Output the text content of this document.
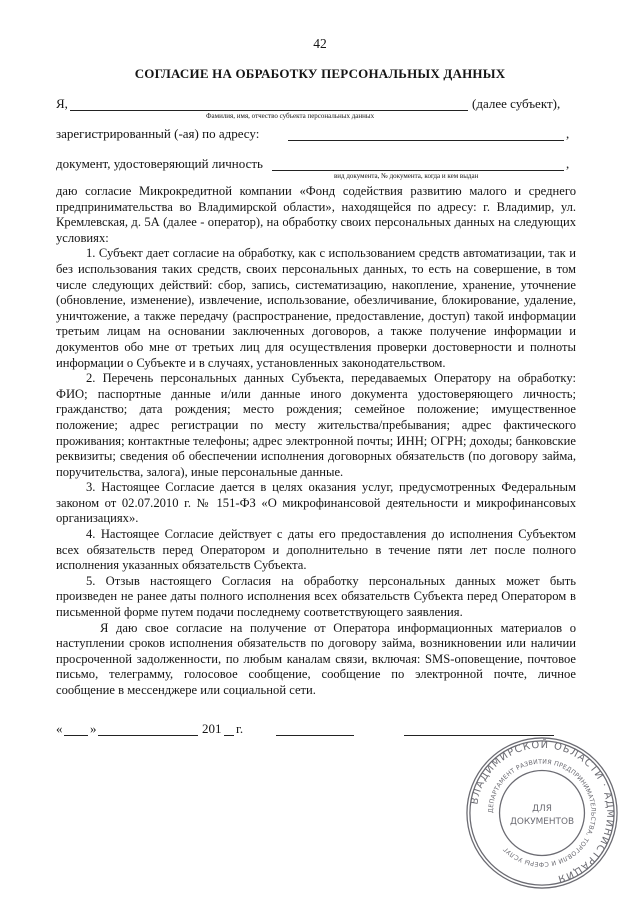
42
СОГЛАСИЕ НА ОБРАБОТКУ ПЕРСОНАЛЬНЫХ ДАННЫХ
Я,	(далее субъект),
Фамилия, имя, отчество субъекта персональных данных
зарегистрированный (-ая) по адресу:	,
документ, удостоверяющий личность	,
вид документа, № документа, когда и кем выдан

даю согласие Микрокредитной компании «Фонд содействия развитию малого и среднего предпринимательства во Владимирской области», находящейся по адресу: г. Владимир, ул. Кремлевская, д. 5А (далее - оператор), на обработку своих персональных данных на следующих условиях:

1. Субъект дает согласие на обработку, как с использованием средств автоматизации, так и без использования таких средств, своих персональных данных, то есть на совершение, в том числе следующих действий: сбор, запись, систематизацию, накопление, хранение, уточнение (обновление, изменение), извлечение, использование, обезличивание, блокирование, удаление, уничтожение, а также передачу (распространение, предоставление, доступ) такой информации третьим лицам на основании заключенных договоров, а также получение информации и документов обо мне от третьих лиц для осуществления проверки достоверности и полноты информации о Субъекте и в случаях, установленных законодательством.

2. Перечень персональных данных Субъекта, передаваемых Оператору на обработку: ФИО; паспортные данные и/или данные иного документа удостоверяющего личность; гражданство; дата рождения; место рождения; семейное положение; имущественное положение; адрес регистрации по месту жительства/пребывания; адрес фактического проживания; контактные телефоны; адрес электронной почты; ИНН; ОГРН; доходы; банковские реквизиты; сведения об обеспечении исполнения договорных обязательств (по договору займа, поручительства, залога), иные персональные данные.

3. Настоящее Согласие дается в целях оказания услуг, предусмотренных Федеральным законом от 02.07.2010 г. № 151-ФЗ «О микрофинансовой деятельности и микрофинансовых организациях».

4. Настоящее Согласие действует с даты его предоставления до исполнения Субъектом всех обязательств перед Оператором и дополнительно в течение пяти лет после полного исполнения указанных обязательств Субъекта.

5. Отзыв настоящего Согласия на обработку персональных данных может быть произведен не ранее даты полного исполнения всех обязательств Субъекта перед Оператором в письменной форме путем подачи последнему соответствующего заявления.

Я даю свое согласие на получение от Оператора информационных материалов о наступлении сроков исполнения обязательств по договору займа, возникновении или наличии просроченной задолженности, по любым каналам связи, включая: SMS-оповещение, почтовое письмо, телеграмму, голосовое сообщение, сообщение по электронной почте, личное сообщение в мессенджере или социальной сети.

« »	201 г.
ВЛАДИМИРСКОЙ ОБЛАСТИ · АДМИНИСТРАЦИЯ
ДЕПАРТАМЕНТ РАЗВИТИЯ ПРЕДПРИНИМАТЕЛЬСТВА, ТОРГОВЛИ И СФЕРЫ УСЛУГ
ДЛЯ
ДОКУМЕНТОВ
